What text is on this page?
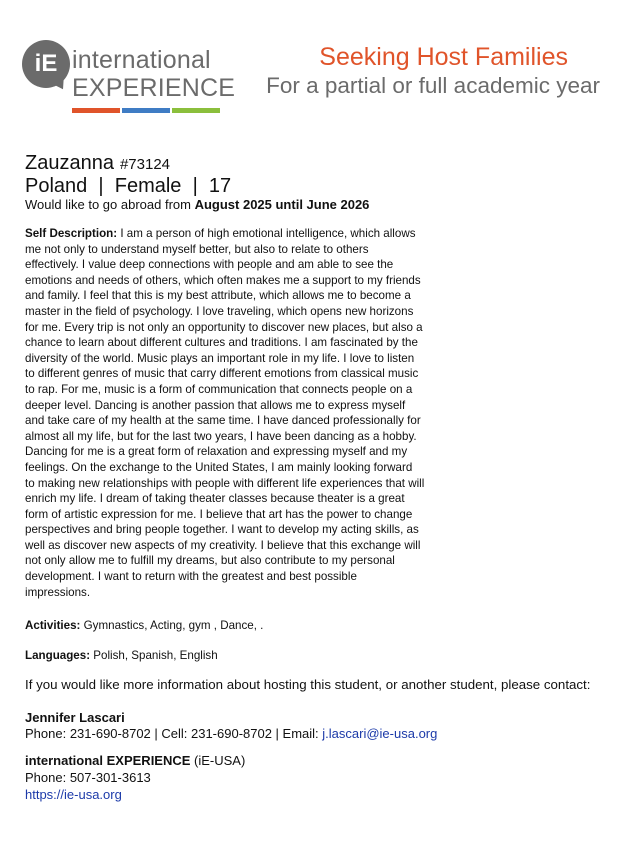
iE international
EXPERIENCE
Seeking Host Families
For a partial or full academic year
Zauzanna #73124
Poland | Female | 17
Would like to go abroad from August 2025 until June 2026
Self Description: I am a person of high emotional intelligence, which allows me not only to understand myself better, but also to relate to others effectively. I value deep connections with people and am able to see the emotions and needs of others, which often makes me a support to my friends and family. I feel that this is my best attribute, which allows me to become a master in the field of psychology. I love traveling, which opens new horizons for me. Every trip is not only an opportunity to discover new places, but also a chance to learn about different cultures and traditions. I am fascinated by the diversity of the world. Music plays an important role in my life. I love to listen to different genres of music that carry different emotions from classical music to rap. For me, music is a form of communication that connects people on a deeper level. Dancing is another passion that allows me to express myself and take care of my health at the same time. I have danced professionally for almost all my life, but for the last two years, I have been dancing as a hobby. Dancing for me is a great form of relaxation and expressing myself and my feelings. On the exchange to the United States, I am mainly looking forward to making new relationships with people with different life experiences that will enrich my life. I dream of taking theater classes because theater is a great form of artistic expression for me. I believe that art has the power to change perspectives and bring people together. I want to develop my acting skills, as well as discover new aspects of my creativity. I believe that this exchange will not only allow me to fulfill my dreams, but also contribute to my personal development. I want to return with the greatest and best possible impressions.
Activities: Gymnastics, Acting, gym , Dance, .
Languages: Polish, Spanish, English
If you would like more information about hosting this student, or another student, please contact:
Jennifer Lascari
Phone: 231-690-8702 | Cell: 231-690-8702 | Email: j.lascari@ie-usa.org
international EXPERIENCE (iE-USA)
Phone: 507-301-3613
https://ie-usa.org
